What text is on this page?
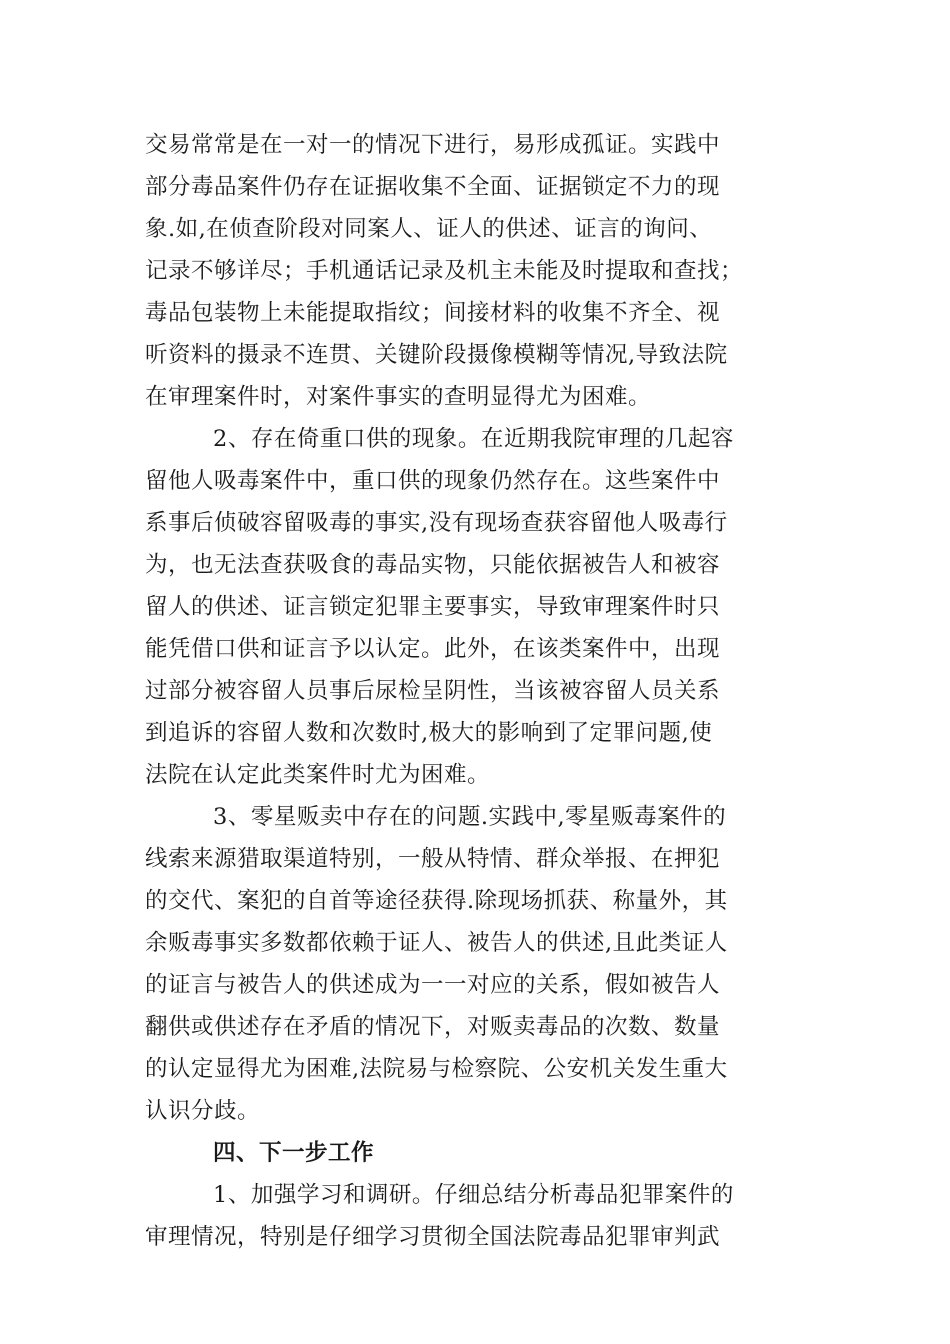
交易常常是在一对一的情况下进行，易形成孤证。实践中
部分毒品案件仍存在证据收集不全面、证据锁定不力的现
象.如,在侦查阶段对同案人、证人的供述、证言的询问、
记录不够详尽；手机通话记录及机主未能及时提取和查找；
毒品包装物上未能提取指纹；间接材料的收集不齐全、视
听资料的摄录不连贯、关键阶段摄像模糊等情况,导致法院
在审理案件时，对案件事实的查明显得尤为困难。
2、存在倚重口供的现象。在近期我院审理的几起容
留他人吸毒案件中，重口供的现象仍然存在。这些案件中
系事后侦破容留吸毒的事实,没有现场查获容留他人吸毒行
为，也无法查获吸食的毒品实物，只能依据被告人和被容
留人的供述、证言锁定犯罪主要事实，导致审理案件时只
能凭借口供和证言予以认定。此外，在该类案件中，出现
过部分被容留人员事后尿检呈阴性，当该被容留人员关系
到追诉的容留人数和次数时,极大的影响到了定罪问题,使
法院在认定此类案件时尤为困难。
3、零星贩卖中存在的问题.实践中,零星贩毒案件的
线索来源猎取渠道特别，一般从特情、群众举报、在押犯
的交代、案犯的自首等途径获得.除现场抓获、称量外，其
余贩毒事实多数都依赖于证人、被告人的供述,且此类证人
的证言与被告人的供述成为一一对应的关系，假如被告人
翻供或供述存在矛盾的情况下，对贩卖毒品的次数、数量
的认定显得尤为困难,法院易与检察院、公安机关发生重大
认识分歧。
四、下一步工作
1、加强学习和调研。仔细总结分析毒品犯罪案件的
审理情况，特别是仔细学习贯彻全国法院毒品犯罪审判武
